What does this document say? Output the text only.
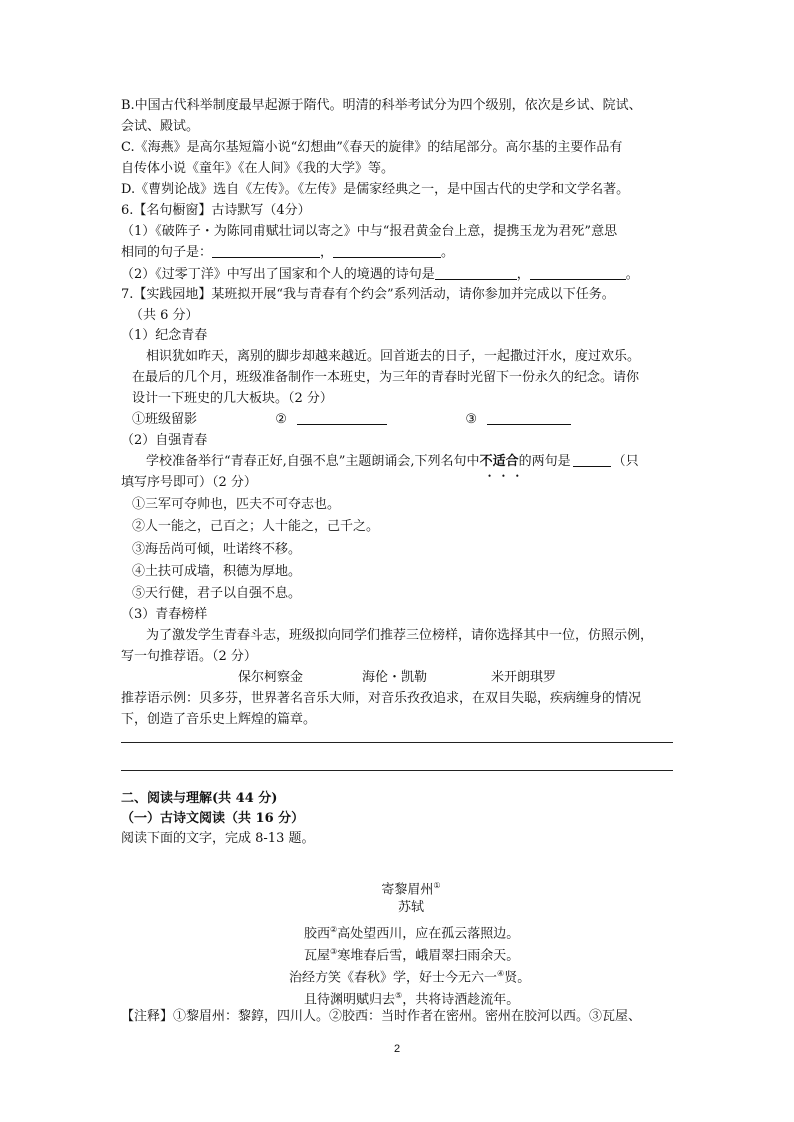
B.中国古代科举制度最早起源于隋代。明清的科举考试分为四个级别，依次是乡试、院试、
会试、殿试。
C.《海燕》是高尔基短篇小说“幻想曲”《春天的旋律》的结尾部分。高尔基的主要作品有
自传体小说《童年》《在人间》《我的大学》等。
D.《曹刿论战》选自《左传》。《左传》是儒家经典之一，是中国古代的史学和文学名著。
6.【名句橱窗】古诗默写（4分）
（1）《破阵子・为陈同甫赋壮词以寄之》中与“报君黄金台上意，提携玉龙为君死”意思
相同的句子是：	，	。
（2）《过零丁洋》中写出了国家和个人的境遇的诗句是	，	。
7.【实践园地】某班拟开展“我与青春有个约会”系列活动，请你参加并完成以下任务。
（共 6 分）
（1）纪念青春
相识犹如昨天，离别的脚步却越来越近。回首逝去的日子，一起撒过汗水，度过欢乐。
在最后的几个月，班级准备制作一本班史，为三年的青春时光留下一份永久的纪念。请你
设计一下班史的几大板块。（2 分）
①班级留影	②	③
（2）自强青春
学校准备举行“青春正好,自强不息”主题朗诵会,下列名句中不适合 • • •的两句是	（只
填写序号即可）（2 分）
①三军可夺帅也，匹夫不可夺志也。
②人一能之，己百之；人十能之，己千之。
③海岳尚可倾，吐诺终不移。
④土扶可成墙，积德为厚地。
⑤天行健，君子以自强不息。
（3）青春榜样
为了激发学生青春斗志，班级拟向同学们推荐三位榜样，请你选择其中一位，仿照示例，
写一句推荐语。（2 分）
保尔柯察金	海伦・凯勒	米开朗琪罗
推荐语示例：贝多芬，世界著名音乐大师，对音乐孜孜追求，在双目失聪，疾病缠身的情况
下，创造了音乐史上辉煌的篇章。
二、阅读与理解(共 44 分)
（一）古诗文阅读（共 16 分）
阅读下面的文字，完成 8-13 题。
寄黎眉州①
苏轼
胶西②高处望西川，应在孤云落照边。
瓦屋③寒堆春后雪，峨眉翠扫雨余天。
治经方笑《春秋》学，好士今无六一④贤。
且待渊明赋归去⑤，共将诗酒趁流年。
【注释】①黎眉州：黎錞，四川人。②胶西：当时作者在密州。密州在胶河以西。③瓦屋、
2
